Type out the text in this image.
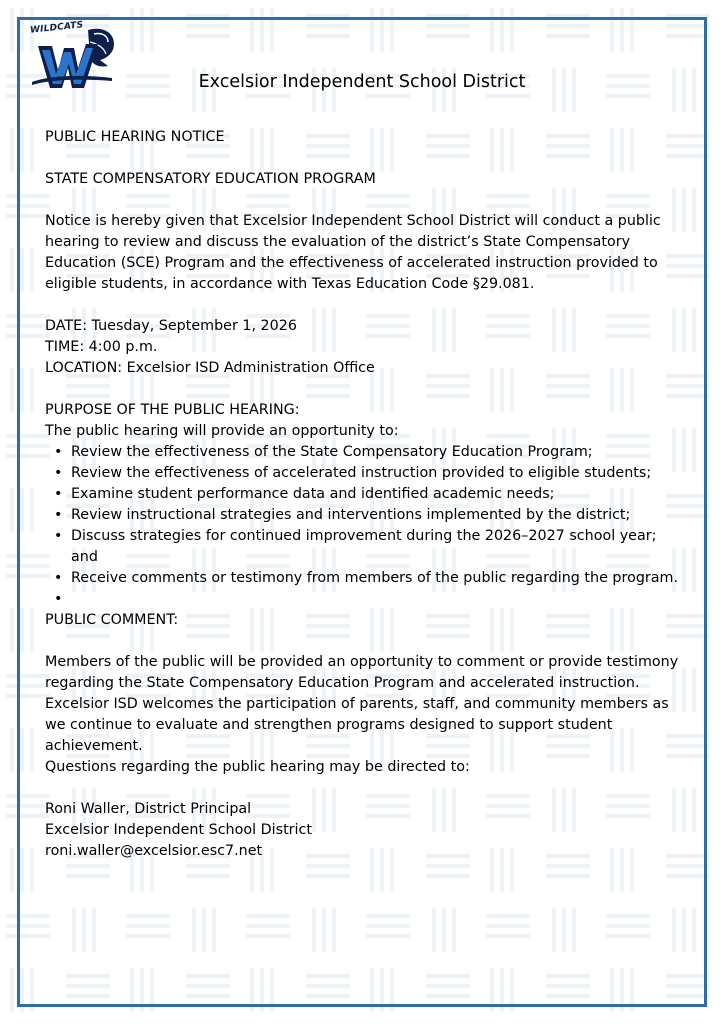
WILDCATS
Excelsior Independent School District

PUBLIC HEARING NOTICE

STATE COMPENSATORY EDUCATION PROGRAM

Notice is hereby given that Excelsior Independent School District will conduct a public hearing to review and discuss the evaluation of the district’s State Compensatory Education (SCE) Program and the effectiveness of accelerated instruction provided to eligible students, in accordance with Texas Education Code §29.081.

DATE: Tuesday, September 1, 2026

TIME: 4:00 p.m.

LOCATION: Excelsior ISD Administration Office

PURPOSE OF THE PUBLIC HEARING:

The public hearing will provide an opportunity to:

• Review the effectiveness of the State Compensatory Education Program;
• Review the effectiveness of accelerated instruction provided to eligible students;
• Examine student performance data and identified academic needs;
• Review instructional strategies and interventions implemented by the district;
• Discuss strategies for continued improvement during the 2026–2027 school year; and
• Receive comments or testimony from members of the public regarding the program.
•

PUBLIC COMMENT:

Members of the public will be provided an opportunity to comment or provide testimony regarding the State Compensatory Education Program and accelerated instruction.

Excelsior ISD welcomes the participation of parents, staff, and community members as we continue to evaluate and strengthen programs designed to support student achievement.

Questions regarding the public hearing may be directed to:

Roni Waller, District Principal

Excelsior Independent School District

roni.waller@excelsior.esc7.net
